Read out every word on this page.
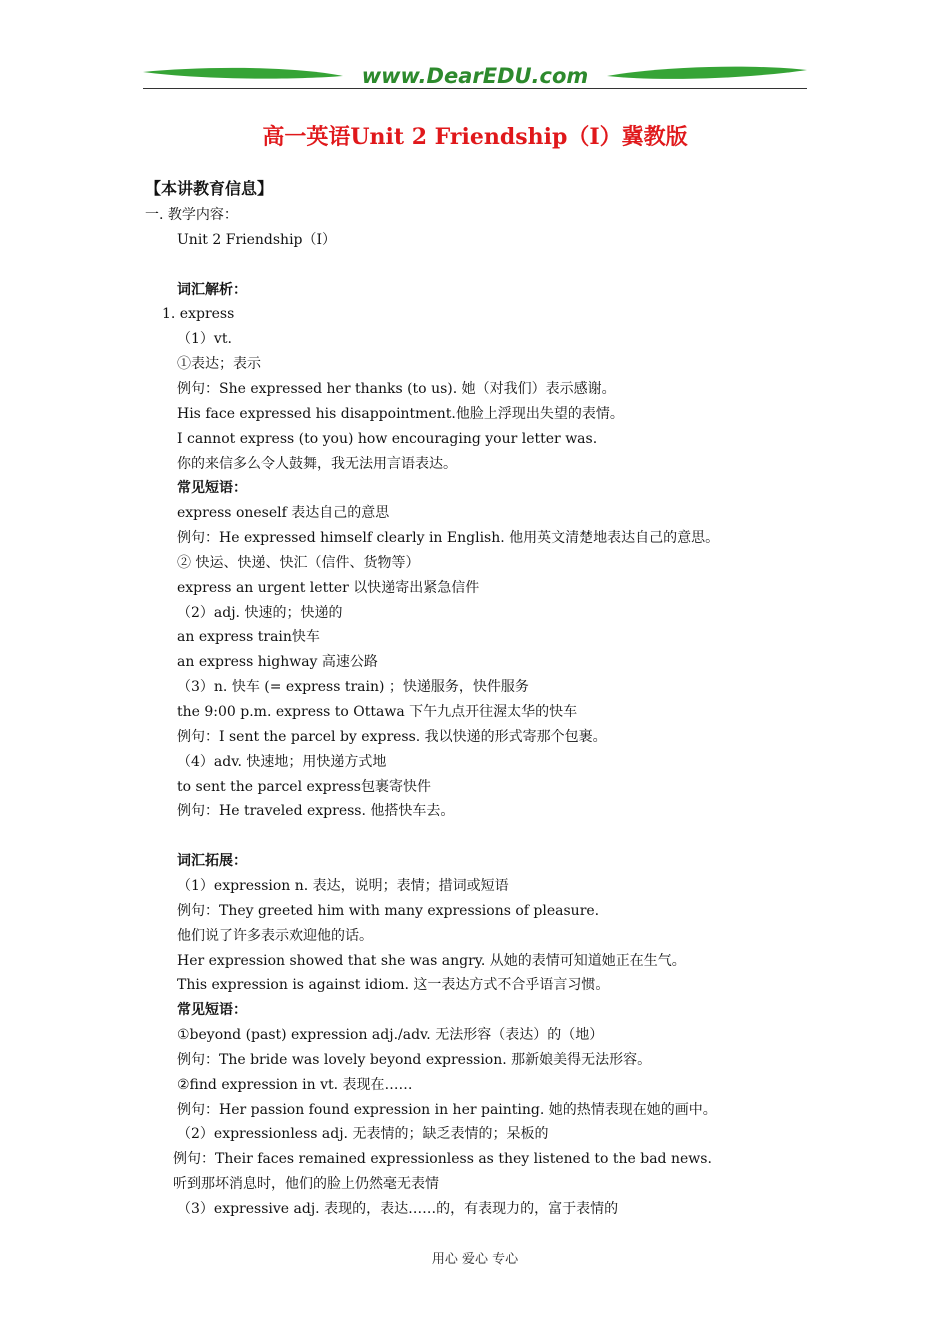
www.DearEDU.com
高一英语Unit 2 Friendship（I）冀教版
【本讲教育信息】
一. 教学内容：
Unit 2 Friendship（I）
词汇解析：
1. express
（1）vt.
①表达；表示
例句：She expressed her thanks (to us). 她（对我们）表示感谢。
His face expressed his disappointment.他脸上浮现出失望的表情。
I cannot express (to you) how encouraging your letter was.
你的来信多么令人鼓舞，我无法用言语表达。
常见短语：
express oneself 表达自己的意思
例句：He expressed himself clearly in English. 他用英文清楚地表达自己的意思。
② 快运、快递、快汇（信件、货物等）
express an urgent letter 以快递寄出紧急信件
（2）adj. 快速的；快递的
an express train快车
an express highway 高速公路
（3）n. 快车 (= express train) ；快递服务，快件服务
the 9:00 p.m. express to Ottawa 下午九点开往渥太华的快车
例句：I sent the parcel by express. 我以快递的形式寄那个包裹。
（4）adv. 快速地；用快递方式地
to sent the parcel express包裹寄快件
例句：He traveled express. 他搭快车去。
词汇拓展：
（1）expression n. 表达，说明；表情；措词或短语
例句：They greeted him with many expressions of pleasure.
他们说了许多表示欢迎他的话。
Her expression showed that she was angry. 从她的表情可知道她正在生气。
This expression is against idiom. 这一表达方式不合乎语言习惯。
常见短语：
①beyond (past) expression adj./adv. 无法形容（表达）的（地）
例句：The bride was lovely beyond expression. 那新娘美得无法形容。
②find expression in vt. 表现在……
例句：Her passion found expression in her painting. 她的热情表现在她的画中。
（2）expressionless adj. 无表情的；缺乏表情的；呆板的
例句：Their faces remained expressionless as they listened to the bad news.
听到那坏消息时，他们的脸上仍然毫无表情
（3）expressive adj. 表现的，表达……的，有表现力的，富于表情的
用心 爱心 专心
